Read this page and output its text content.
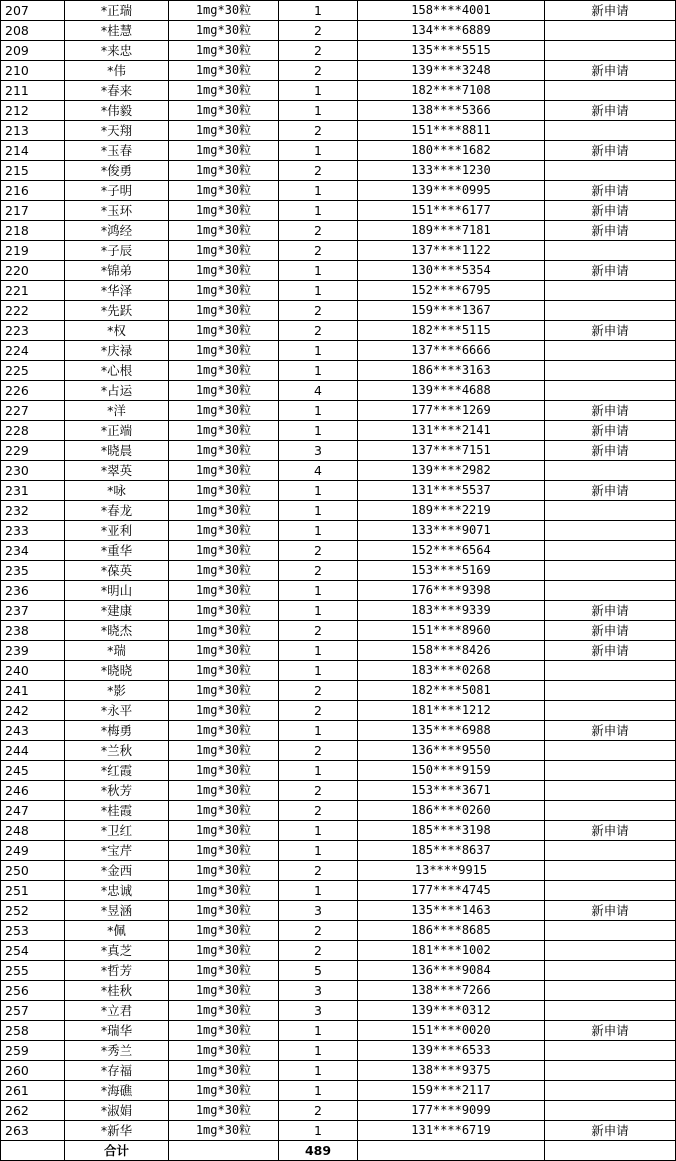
207	*正瑞	1mg*30粒	1	158****4001	新申请
208	*桂慧	1mg*30粒	2	134****6889	
209	*来忠	1mg*30粒	2	135****5515	
210	*伟	1mg*30粒	2	139****3248	新申请
211	*春来	1mg*30粒	1	182****7108	
212	*伟毅	1mg*30粒	1	138****5366	新申请
213	*天翔	1mg*30粒	2	151****8811	
214	*玉春	1mg*30粒	1	180****1682	新申请
215	*俊勇	1mg*30粒	2	133****1230	
216	*子明	1mg*30粒	1	139****0995	新申请
217	*玉环	1mg*30粒	1	151****6177	新申请
218	*鸿经	1mg*30粒	2	189****7181	新申请
219	*子辰	1mg*30粒	2	137****1122	
220	*锦弟	1mg*30粒	1	130****5354	新申请
221	*华泽	1mg*30粒	1	152****6795	
222	*先跃	1mg*30粒	2	159****1367	
223	*权	1mg*30粒	2	182****5115	新申请
224	*庆禄	1mg*30粒	1	137****6666	
225	*心根	1mg*30粒	1	186****3163	
226	*占运	1mg*30粒	4	139****4688	
227	*洋	1mg*30粒	1	177****1269	新申请
228	*正端	1mg*30粒	1	131****2141	新申请
229	*晓晨	1mg*30粒	3	137****7151	新申请
230	*翠英	1mg*30粒	4	139****2982	
231	*咏	1mg*30粒	1	131****5537	新申请
232	*春龙	1mg*30粒	1	189****2219	
233	*亚利	1mg*30粒	1	133****9071	
234	*重华	1mg*30粒	2	152****6564	
235	*葆英	1mg*30粒	2	153****5169	
236	*明山	1mg*30粒	1	176****9398	
237	*建康	1mg*30粒	1	183****9339	新申请
238	*晓杰	1mg*30粒	2	151****8960	新申请
239	*瑞	1mg*30粒	1	158****8426	新申请
240	*晓晓	1mg*30粒	1	183****0268	
241	*影	1mg*30粒	2	182****5081	
242	*永平	1mg*30粒	2	181****1212	
243	*梅勇	1mg*30粒	1	135****6988	新申请
244	*兰秋	1mg*30粒	2	136****9550	
245	*红霞	1mg*30粒	1	150****9159	
246	*秋芳	1mg*30粒	2	153****3671	
247	*桂霞	1mg*30粒	2	186****0260	
248	*卫红	1mg*30粒	1	185****3198	新申请
249	*宝芹	1mg*30粒	1	185****8637	
250	*金西	1mg*30粒	2	13****9915	
251	*忠诚	1mg*30粒	1	177****4745	
252	*昱涵	1mg*30粒	3	135****1463	新申请
253	*佩	1mg*30粒	2	186****8685	
254	*真芝	1mg*30粒	2	181****1002	
255	*哲芳	1mg*30粒	5	136****9084	
256	*桂秋	1mg*30粒	3	138****7266	
257	*立君	1mg*30粒	3	139****0312	
258	*瑞华	1mg*30粒	1	151****0020	新申请
259	*秀兰	1mg*30粒	1	139****6533	
260	*存福	1mg*30粒	1	138****9375	
261	*海礁	1mg*30粒	1	159****2117	
262	*淑娟	1mg*30粒	2	177****9099	
263	*新华	1mg*30粒	1	131****6719	新申请
	合计		489		
